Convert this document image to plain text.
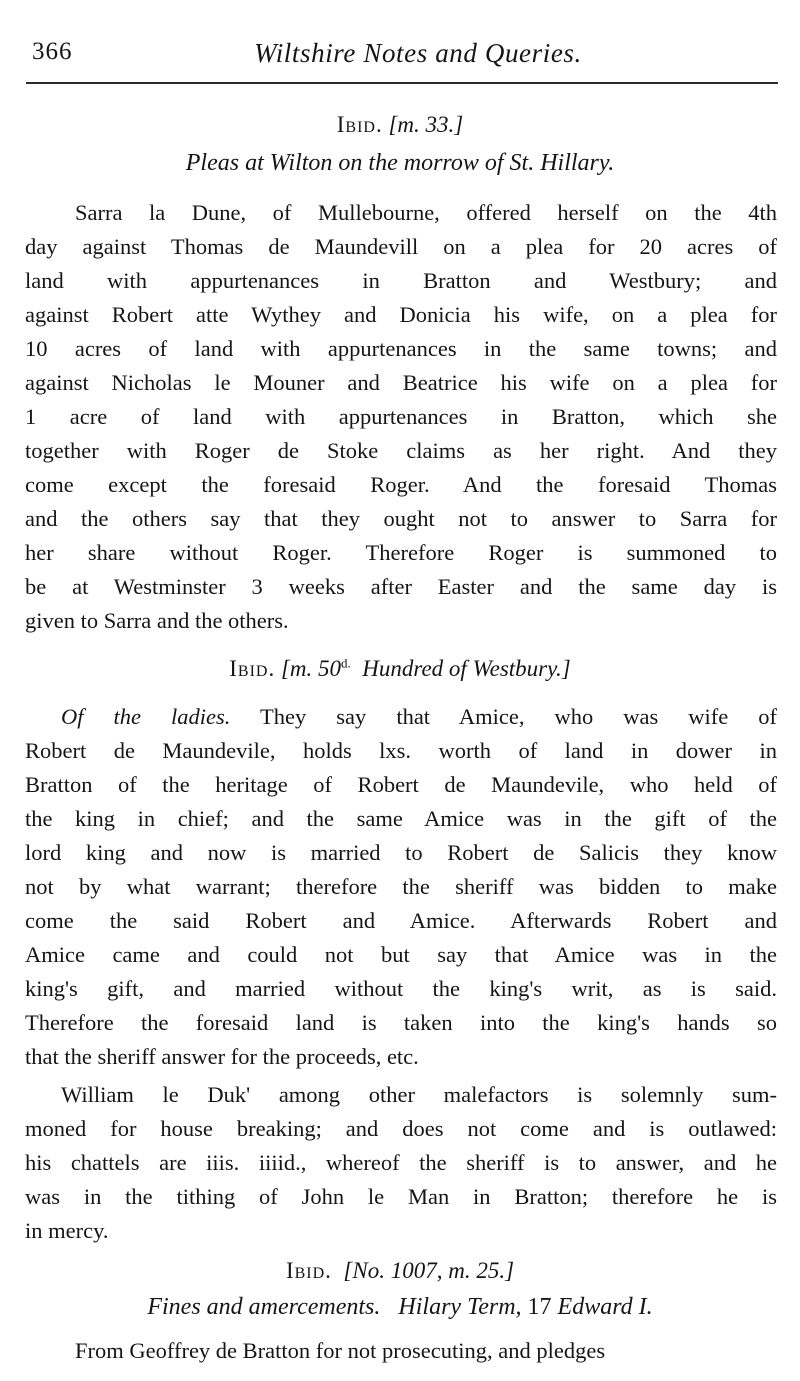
366	Wiltshire Notes and Queries.
Ibid. [m. 33.]
Pleas at Wilton on the morrow of St. Hillary.
Sarra la Dune, of Mullebourne, offered herself on the 4th
day against Thomas de Maundevill on a plea for 20 acres of
land with appurtenances in Bratton and Westbury; and
against Robert atte Wythey and Donicia his wife, on a plea for
10 acres of land with appurtenances in the same towns; and
against Nicholas le Mouner and Beatrice his wife on a plea for
1 acre of land with appurtenances in Bratton, which she
together with Roger de Stoke claims as her right. And they
come except the foresaid Roger. And the foresaid Thomas
and the others say that they ought not to answer to Sarra for
her share without Roger. Therefore Roger is summoned to
be at Westminster 3 weeks after Easter and the same day is
given to Sarra and the others.
Ibid. [m. $50^{d.}$ Hundred of Westbury.]
Of the ladies. They say that Amice, who was wife of
Robert de Maundevile, holds lxs. worth of land in dower in
Bratton of the heritage of Robert de Maundevile, who held of
the king in chief; and the same Amice was in the gift of the
lord king and now is married to Robert de Salicis they know
not by what warrant; therefore the sheriff was bidden to make
come the said Robert and Amice. Afterwards Robert and
Amice came and could not but say that Amice was in the
king's gift, and married without the king's writ, as is said.
Therefore the foresaid land is taken into the king's hands so
that the sheriff answer for the proceeds, etc.
William le Duk' among other malefactors is solemnly sum-
moned for house breaking; and does not come and is outlawed:
his chattels are iiis. iiiid., whereof the sheriff is to answer, and he
was in the tithing of John le Man in Bratton; therefore he is
in mercy.
Ibid. [No. 1007, m. 25.]
Fines and amercements. Hilary Term, 17 Edward I.
From Geoffrey de Bratton for not prosecuting, and pledges
